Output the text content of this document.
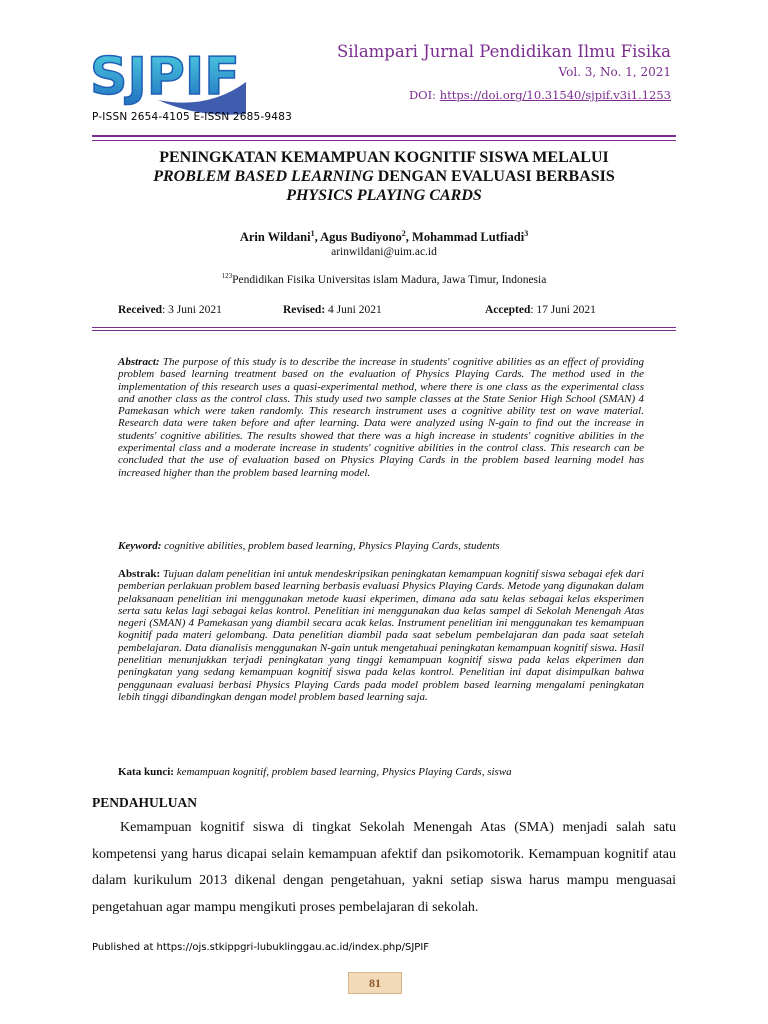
SJPIF
P-ISSN 2654-4105 E-ISSN 2685-9483
Silampari Jurnal Pendidikan Ilmu Fisika
Vol. 3, No. 1, 2021
DOI: https://doi.org/10.31540/sjpif.v3i1.1253
PENINGKATAN KEMAMPUAN KOGNITIF SISWA MELALUI
PROBLEM BASED LEARNING DENGAN EVALUASI BERBASIS
PHYSICS PLAYING CARDS
Arin Wildani$^1$, Agus Budiyono$^2$, Mohammad Lutfiadi$^3$
arinwildani@uim.ac.id
$^{123}$Pendidikan Fisika Universitas islam Madura, Jawa Timur, Indonesia
Received: 3 Juni 2021	Revised: 4 Juni 2021	Accepted: 17 Juni 2021
Abstract: The purpose of this study is to describe the increase in students' cognitive abilities as an effect of providing problem based learning treatment based on the evaluation of Physics Playing Cards. The method used in the implementation of this research uses a quasi-experimental method, where there is one class as the experimental class and another class as the control class. This study used two sample classes at the State Senior High School (SMAN) 4 Pamekasan which were taken randomly. This research instrument uses a cognitive ability test on wave material. Research data were taken before and after learning. Data were analyzed using N-gain to find out the increase in students' cognitive abilities. The results showed that there was a high increase in students' cognitive abilities in the experimental class and a moderate increase in students' cognitive abilities in the control class. This research can be concluded that the use of evaluation based on Physics Playing Cards in the problem based learning model has increased higher than the problem based learning model.
Keyword: cognitive abilities, problem based learning, Physics Playing Cards, students
Abstrak: Tujuan dalam penelitian ini untuk mendeskripsikan peningkatan kemampuan kognitif siswa sebagai efek dari pemberian perlakuan problem based learning berbasis evaluasi Physics Playing Cards. Metode yang digunakan dalam pelaksanaan penelitian ini menggunakan metode kuasi ekperimen, dimana ada satu kelas sebagai kelas eksperimen serta satu kelas lagi sebagai kelas kontrol. Penelitian ini menggunakan dua kelas sampel di Sekolah Menengah Atas negeri (SMAN) 4 Pamekasan yang diambil secara acak kelas. Instrument penelitian ini menggunakan tes kemampuan kognitif pada materi gelombang. Data penelitian diambil pada saat sebelum pembelajaran dan pada saat setelah pembelajaran. Data dianalisis menggunakan N-gain untuk mengetahuai peningkatan kemampuan kognitif siswa. Hasil penelitian menunjukkan terjadi peningkatan yang tinggi kemampuan kognitif siswa pada kelas ekperimen dan peningkatan yang sedang kemampuan kognitif siswa pada kelas kontrol. Penelitian ini dapat disimpulkan bahwa penggunaan evaluasi berbasi Physics Playing Cards pada model problem based learning mengalami peningkatan lebih tinggi dibandingkan dengan model problem based learning saja.
Kata kunci: kemampuan kognitif, problem based learning, Physics Playing Cards, siswa
PENDAHULUAN
Kemampuan kognitif siswa di tingkat Sekolah Menengah Atas (SMA) menjadi salah satu kompetensi yang harus dicapai selain kemampuan afektif dan psikomotorik. Kemampuan kognitif atau dalam kurikulum 2013 dikenal dengan pengetahuan, yakni setiap siswa harus mampu menguasai pengetahuan agar mampu mengikuti proses pembelajaran di sekolah.
Published at https://ojs.stkippgri-lubuklinggau.ac.id/index.php/SJPIF
81
